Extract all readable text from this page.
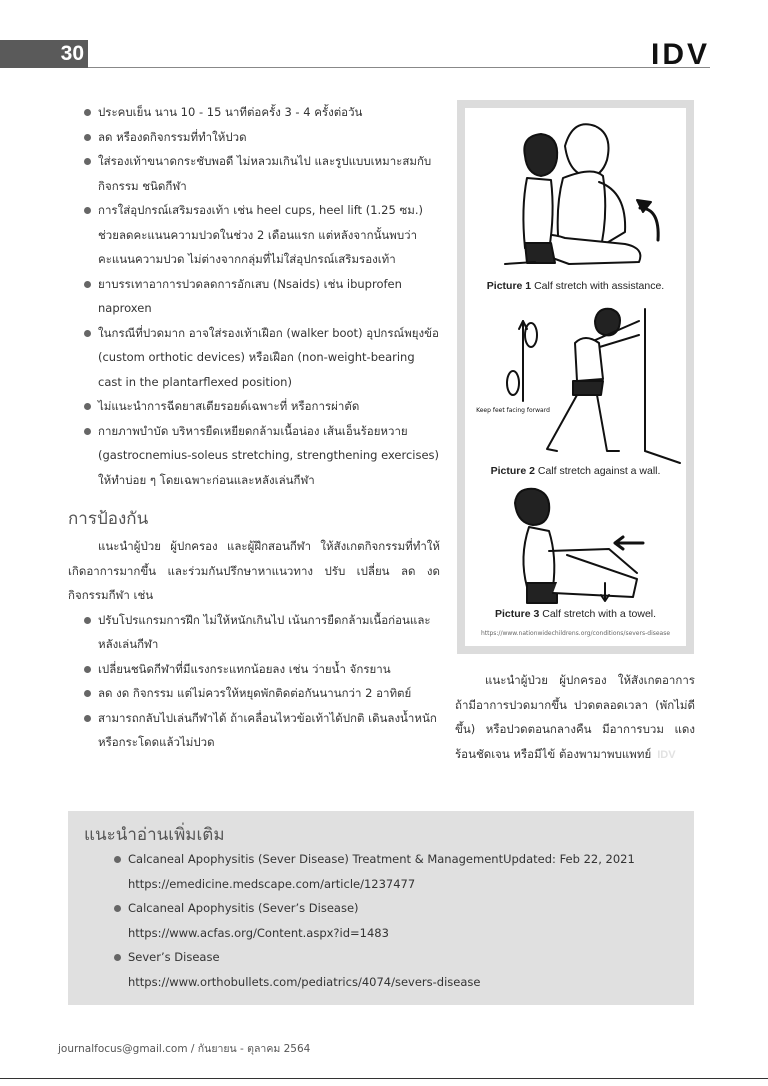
30	IDV
ประคบเย็น นาน 10 - 15 นาทีต่อครั้ง 3 - 4 ครั้งต่อวัน
ลด หรืองดกิจกรรมที่ทำให้ปวด
ใส่รองเท้าขนาดกระชับพอดี ไม่หลวมเกินไป และรูปแบบเหมาะสมกับกิจกรรม ชนิดกีฬา
การใส่อุปกรณ์เสริมรองเท้า เช่น heel cups, heel lift (1.25 ซม.) ช่วยลดคะแนนความปวดในช่วง 2 เดือนแรก แต่หลังจากนั้นพบว่าคะแนนความปวด ไม่ต่างจากกลุ่มที่ไม่ใส่อุปกรณ์เสริมรองเท้า
ยาบรรเทาอาการปวดลดการอักเสบ (Nsaids) เช่น ibuprofen naproxen
ในกรณีที่ปวดมาก อาจใส่รองเท้าเฝือก (walker boot) อุปกรณ์พยุงข้อ (custom orthotic devices) หรือเฝือก (non-weight-bearing cast in the plantarflexed position)
ไม่แนะนำการฉีดยาสเตียรอยด์เฉพาะที่ หรือการผ่าตัด
กายภาพบำบัด บริหารยืดเหยียดกล้ามเนื้อน่อง เส้นเอ็นร้อยหวาย (gastrocnemius-soleus stretching, strengthening exercises) ให้ทำบ่อย ๆ โดยเฉพาะก่อนและหลังเล่นกีฬา
การป้องกัน

แนะนำผู้ป่วย ผู้ปกครอง และผู้ฝึกสอนกีฬา ให้สังเกตกิจกรรมที่ทำให้เกิดอาการมากขึ้น และร่วมกันปรึกษาหาแนวทาง ปรับ เปลี่ยน ลด งดกิจกรรมกีฬา เช่น

ปรับโปรแกรมการฝึก ไม่ให้หนักเกินไป เน้นการยืดกล้ามเนื้อก่อนและหลังเล่นกีฬา
เปลี่ยนชนิดกีฬาที่มีแรงกระแทกน้อยลง เช่น ว่ายน้ำ จักรยาน
ลด งด กิจกรรม แต่ไม่ควรให้หยุดพักติดต่อกันนานกว่า 2 อาทิตย์
สามารถกลับไปเล่นกีฬาได้ ถ้าเคลื่อนไหวข้อเท้าได้ปกติ เดินลงน้ำหนักหรือกระโดดแล้วไม่ปวด
Picture 1 Calf stretch with assistance.
Keep feet facing forward
Picture 2 Calf stretch against a wall.
Picture 3 Calf stretch with a towel.
https://www.nationwidechildrens.org/conditions/severs-disease

แนะนำผู้ป่วย ผู้ปกครอง ให้สังเกตอาการ ถ้ามีอาการปวดมากขึ้น ปวดตลอดเวลา (พักไม่ดีขึ้น) หรือปวดตอนกลางคืน มีอาการบวม แดงร้อนชัดเจน หรือมีไข้ ต้องพามาพบแพทย์ IDV

แนะนำอ่านเพิ่มเติม
Calcaneal Apophysitis (Sever Disease) Treatment & ManagementUpdated: Feb 22, 2021
https://emedicine.medscape.com/article/1237477
Calcaneal Apophysitis (Sever’s Disease)
https://www.acfas.org/Content.aspx?id=1483
Sever’s Disease
https://www.orthobullets.com/pediatrics/4074/severs-disease
journalfocus@gmail.com / กันยายน - ตุลาคม 2564
